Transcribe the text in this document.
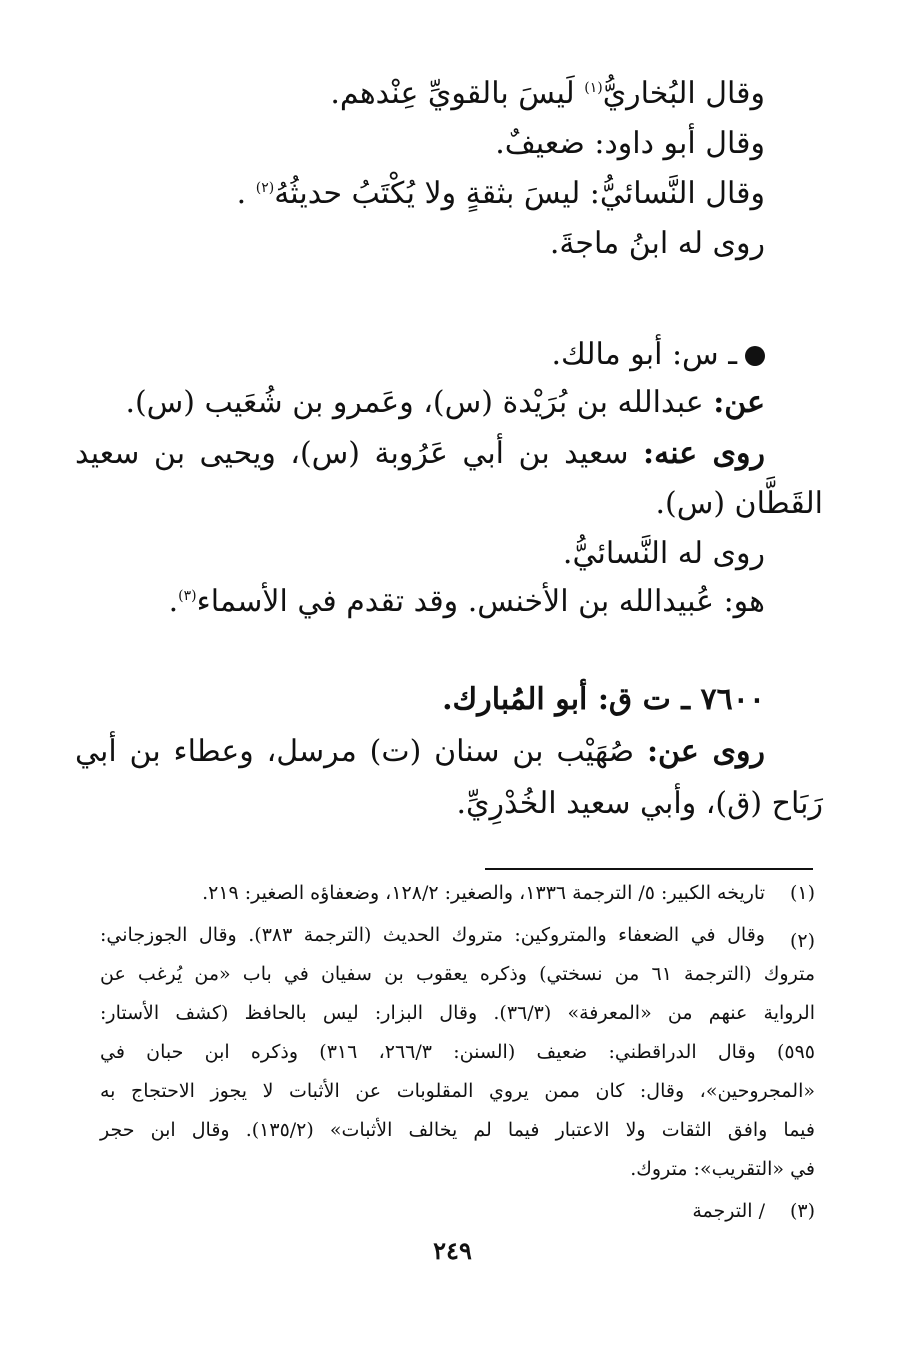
وقال البُخاريُّ$^{(١)}$ لَيسَ بالقويِّ عِنْدهم.
وقال أبو داود: ضعيفٌ.
وقال النَّسائيُّ: ليسَ بثقةٍ ولا يُكْتَبُ حديثُهُ$^{(٢)}$ .
روى له ابنُ ماجةَ.
ـ س: أبو مالك.
عن: عبدالله بن بُرَيْدة (س)، وعَمرو بن شُعَيب (س).
روى عنه: سعيد بن أبي عَرُوبة (س)، ويحيى بن سعيد
القَطَّان (س).
روى له النَّسائيُّ.
هو: عُبيدالله بن الأخنس. وقد تقدم في الأسماء$^{(٣)}$.
٧٦٠٠ ـ ت ق: أبو المُبارك.
روى عن: صُهَيْب بن سنان (ت) مرسل، وعطاء بن أبي
رَبَاح (ق)، وأبي سعيد الخُدْرِيِّ.
(١)
تاريخه الكبير: ٥/ الترجمة ١٣٣٦، والصغير: ١٢٨/٢، وضعفاؤه الصغير: ٢١٩.
(٢)
وقال في الضعفاء والمتروكين: متروك الحديث (الترجمة ٣٨٣). وقال الجوزجاني:
متروك (الترجمة ٦١ من نسختي) وذكره يعقوب بن سفيان في باب «من يُرغب عن
الرواية عنهم من «المعرفة» (٣٦/٣). وقال البزار: ليس بالحافظ (كشف الأستار:
٥٩٥) وقال الدراقطني: ضعيف (السنن: ٢٦٦/٣، ٣١٦) وذكره ابن حبان في
«المجروحين»، وقال: كان ممن يروي المقلوبات عن الأثبات لا يجوز الاحتجاج به
فيما وافق الثقات ولا الاعتبار فيما لم يخالف الأثبات» (١٣٥/٢). وقال ابن حجر
في «التقريب»: متروك.
(٣)
/ الترجمة
٢٤٩
